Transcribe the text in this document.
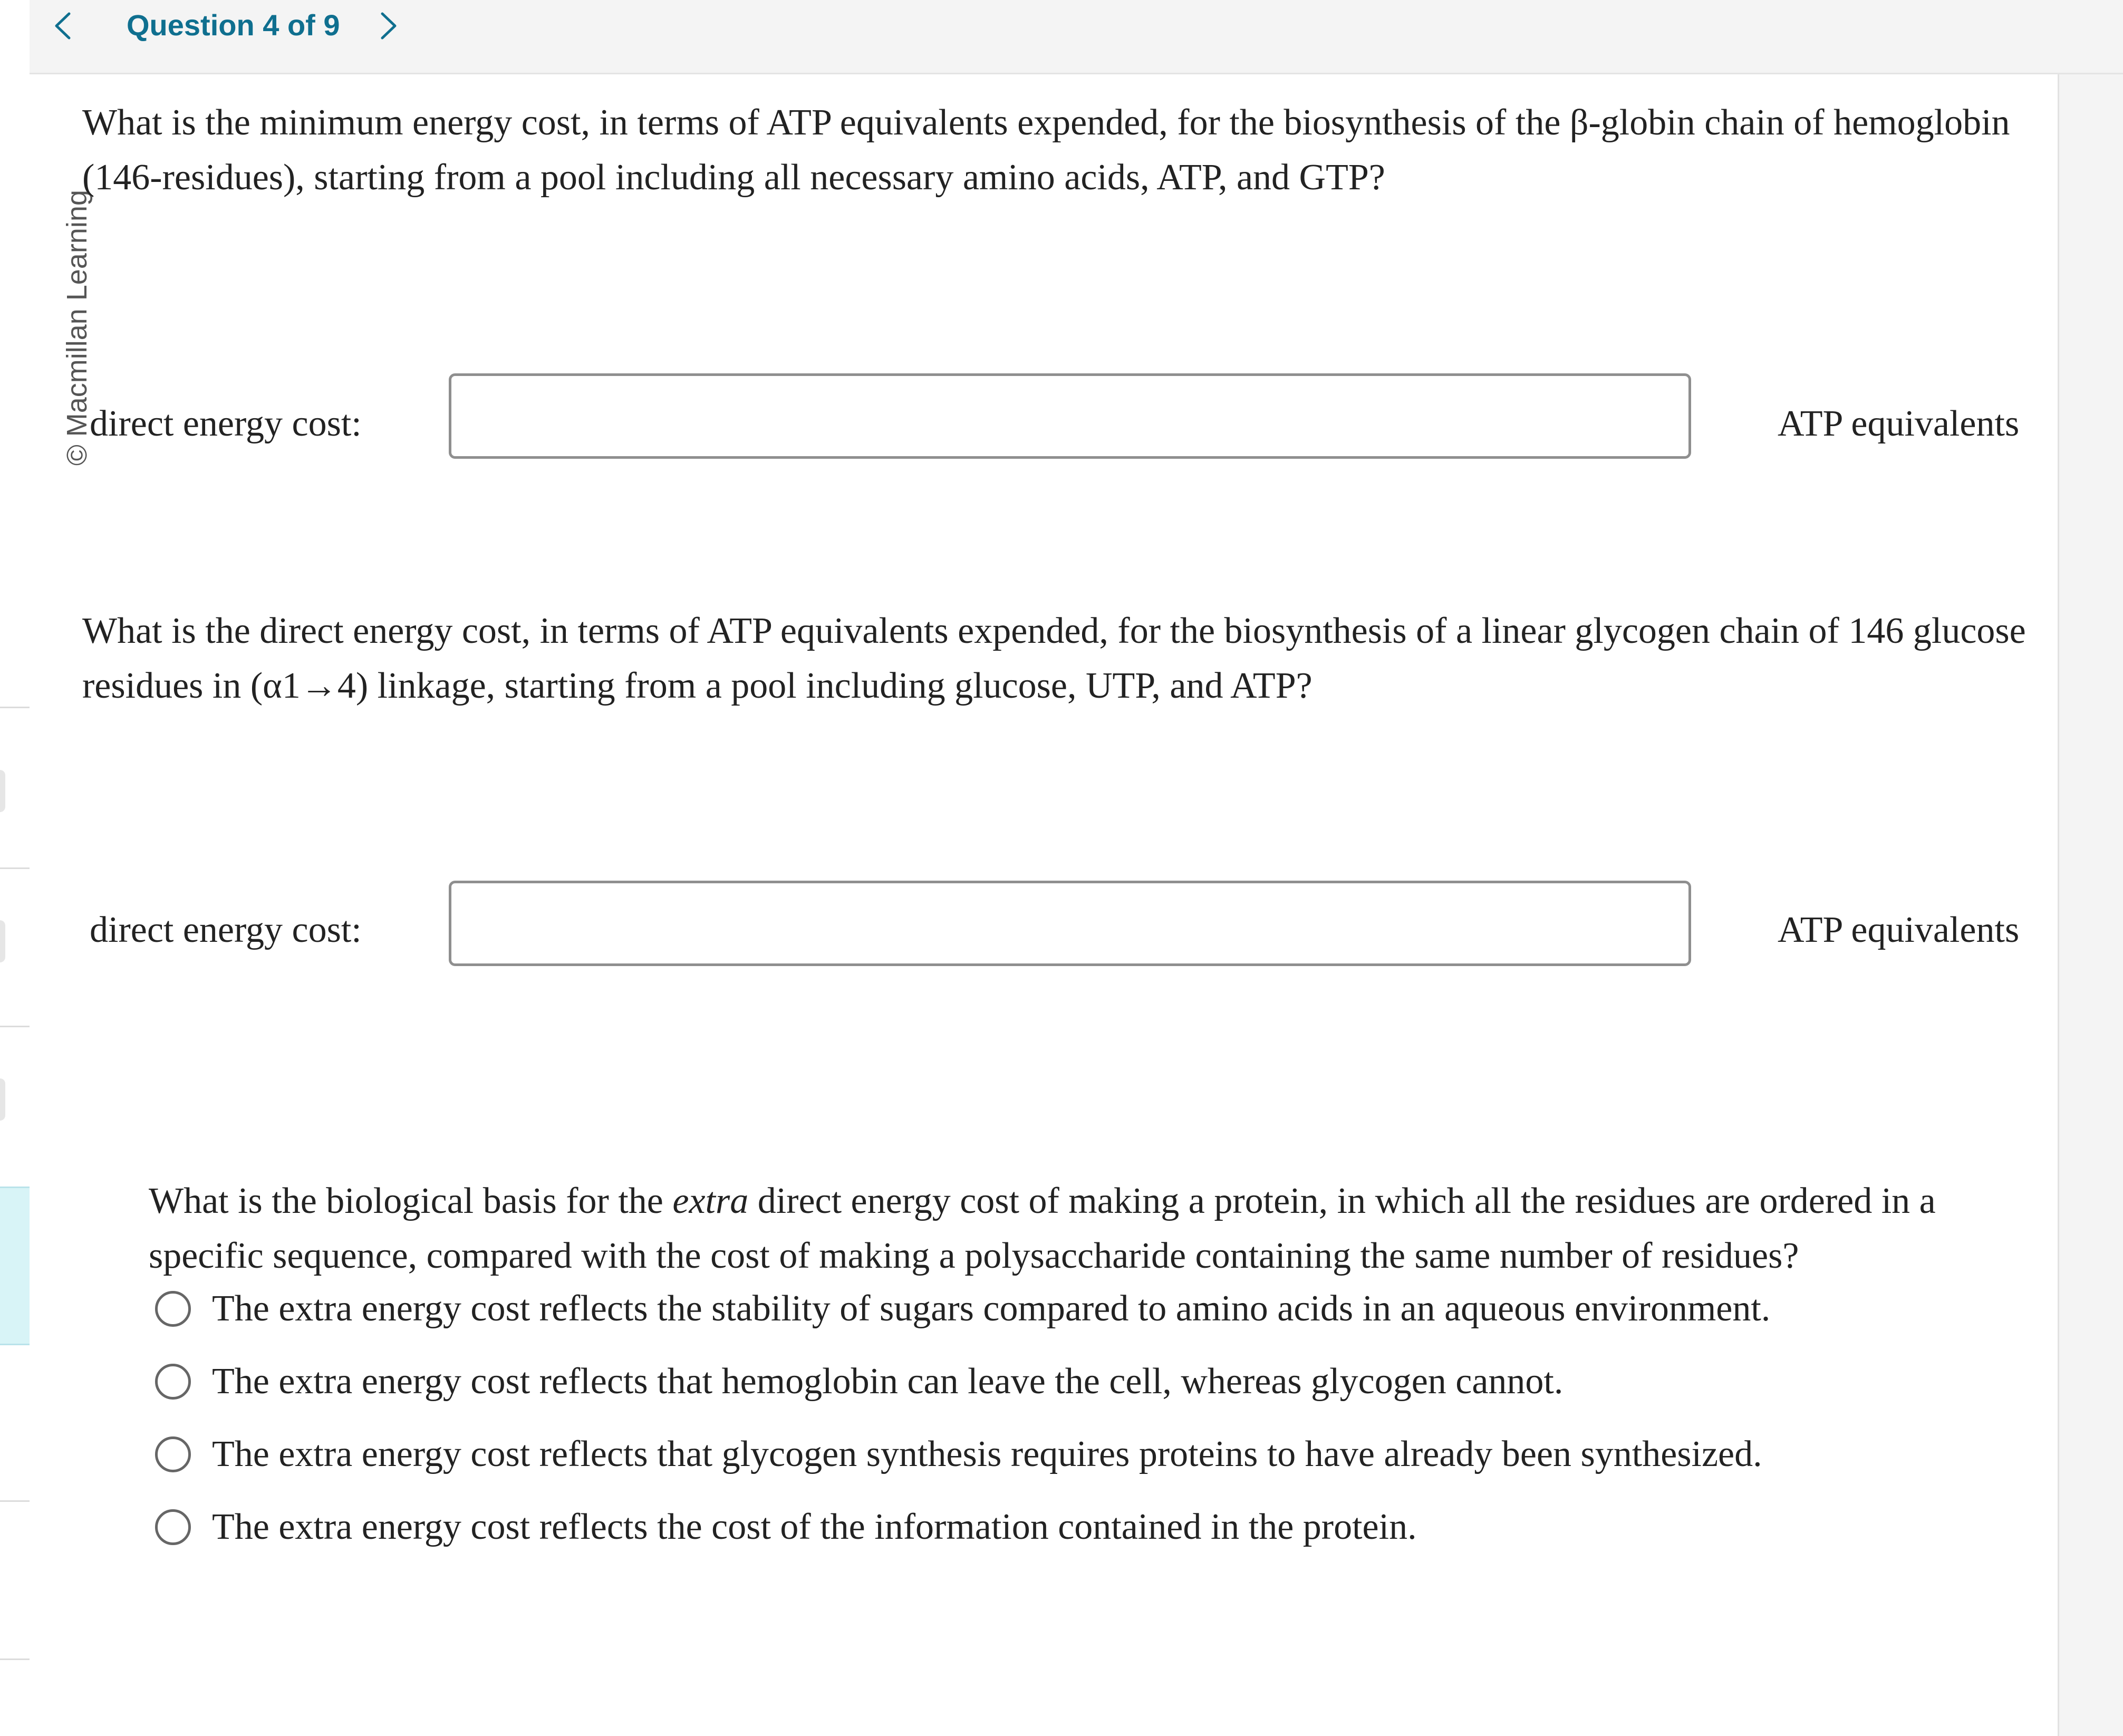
Question 4 of 9
© Macmillan Learning
What is the minimum energy cost, in terms of ATP equivalents expended, for the biosynthesis of the β-globin chain of hemoglobin (146-residues), starting from a pool including all necessary amino acids, ATP, and GTP?
direct energy cost:	ATP equivalents
What is the direct energy cost, in terms of ATP equivalents expended, for the biosynthesis of a linear glycogen chain of 146 glucose residues in (α1→4) linkage, starting from a pool including glucose, UTP, and ATP?
direct energy cost:	ATP equivalents
What is the biological basis for the extra direct energy cost of making a protein, in which all the residues are ordered in a specific sequence, compared with the cost of making a polysaccharide containing the same number of residues?
The extra energy cost reflects the stability of sugars compared to amino acids in an aqueous environment.
The extra energy cost reflects that hemoglobin can leave the cell, whereas glycogen cannot.
The extra energy cost reflects that glycogen synthesis requires proteins to have already been synthesized.
The extra energy cost reflects the cost of the information contained in the protein.
